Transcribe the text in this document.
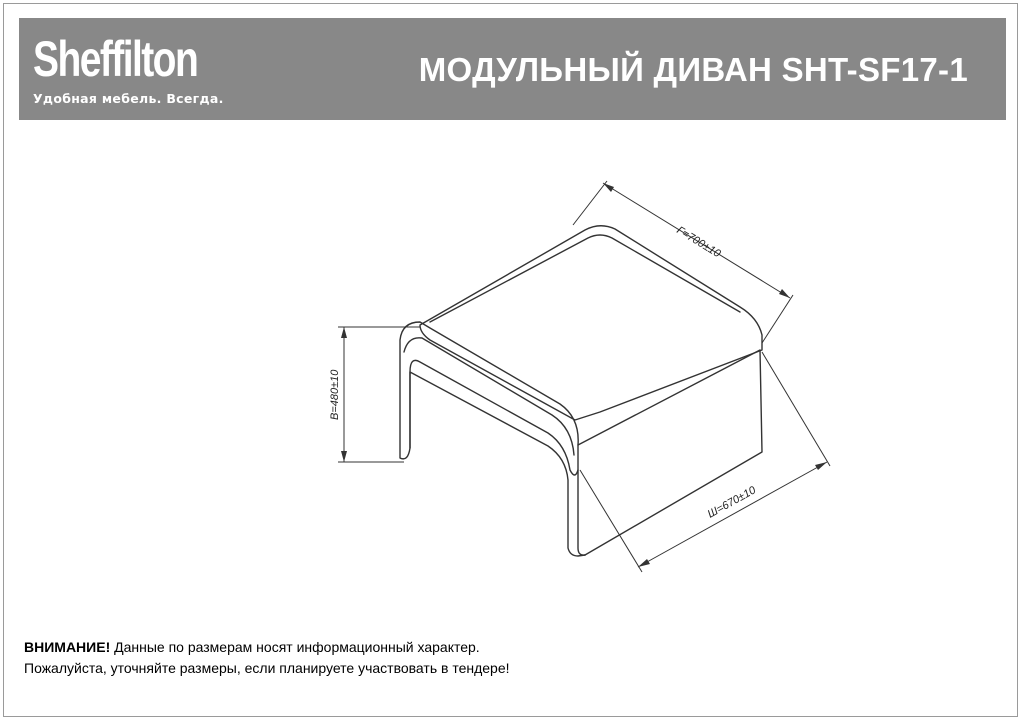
Sheffilton
Удобная мебель. Всегда.
МОДУЛЬНЫЙ ДИВАН SHT-SF17-1
Г=700±10
В=480±10
Ш=670±10
ВНИМАНИЕ! Данные по размерам носят информационный характер.
Пожалуйста, уточняйте размеры, если планируете участвовать в тендере!
